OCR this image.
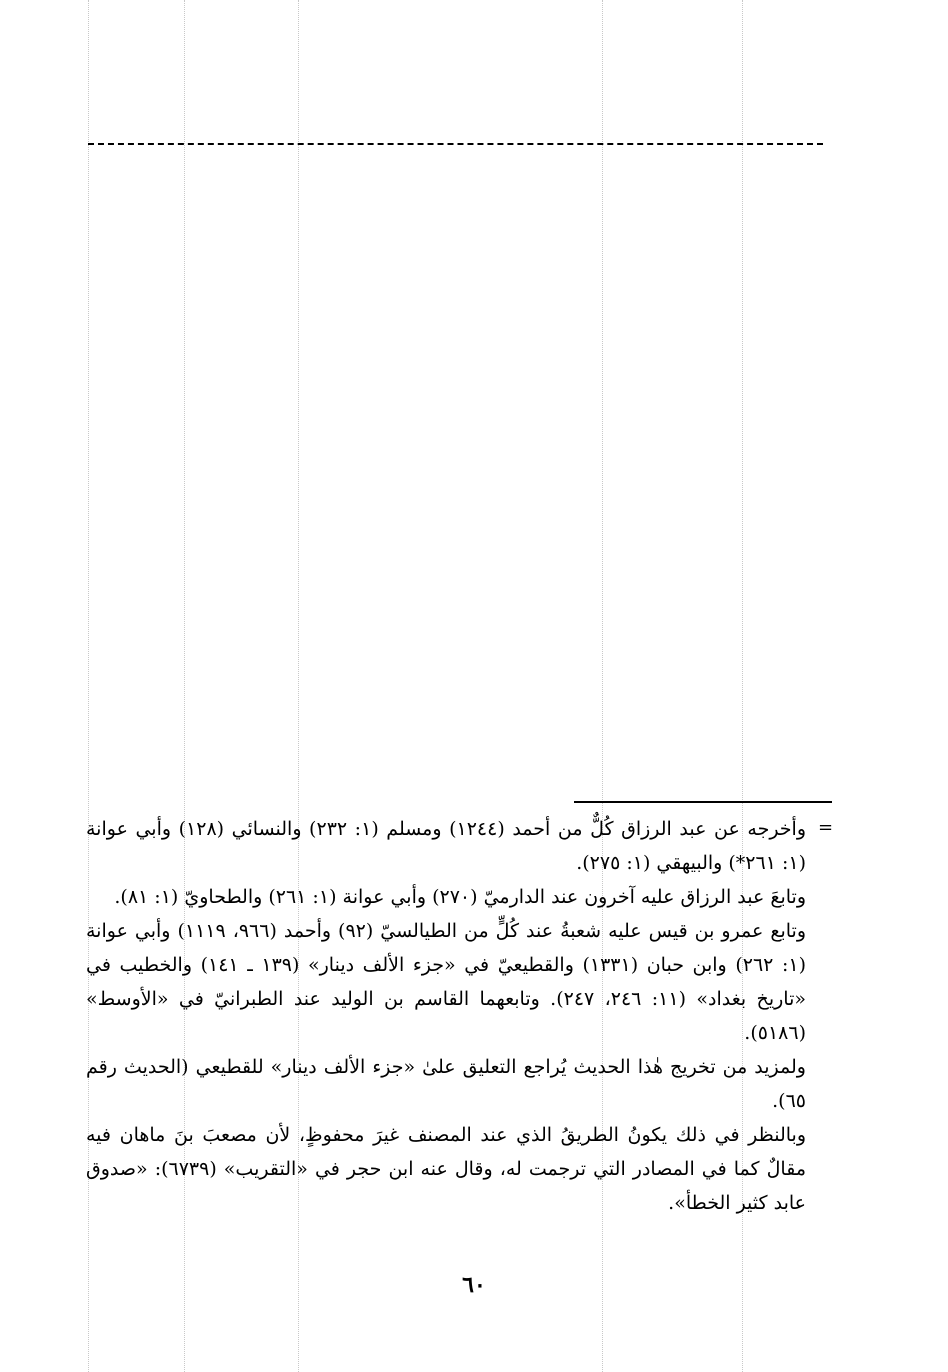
=

وأخرجه عن عبد الرزاق كُلٌّ من أحمد (١٢٤٤) ومسلم (١: ٢٣٢) والنسائي (١٢٨) وأبي عوانة (١: ٢٦١*) والبيهقي (١: ٢٧٥).

وتابعَ عبد الرزاق عليه آخرون عند الدارميّ (٢٧٠) وأبي عوانة (١: ٢٦١) والطحاويّ (١: ٨١).

وتابع عمرو بن قيس عليه شعبةُ عند كُلٍّ من الطيالسيّ (٩٢) وأحمد (٩٦٦، ١١١٩) وأبي عوانة (١: ٢٦٢) وابن حبان (١٣٣١) والقطيعيّ في «جزء الألف دينار» (١٣٩ ـ ١٤١) والخطيب في «تاريخ بغداد» (١١: ٢٤٦، ٢٤٧). وتابعهما القاسم بن الوليد عند الطبرانيّ في «الأوسط» (٥١٨٦).

ولمزيد من تخريج هٰذا الحديث يُراجع التعليق علىٰ «جزء الألف دينار» للقطيعي (الحديث رقم ٦٥).

وبالنظر في ذلك يكونُ الطريقُ الذي عند المصنف غيرَ محفوظٍ، لأن مصعبَ بنَ ماهان فيه مقالٌ كما في المصادر التي ترجمت له، وقال عنه ابن حجر في «التقريب» (٦٧٣٩): «صدوق عابد كثير الخطأ».

٦٠
